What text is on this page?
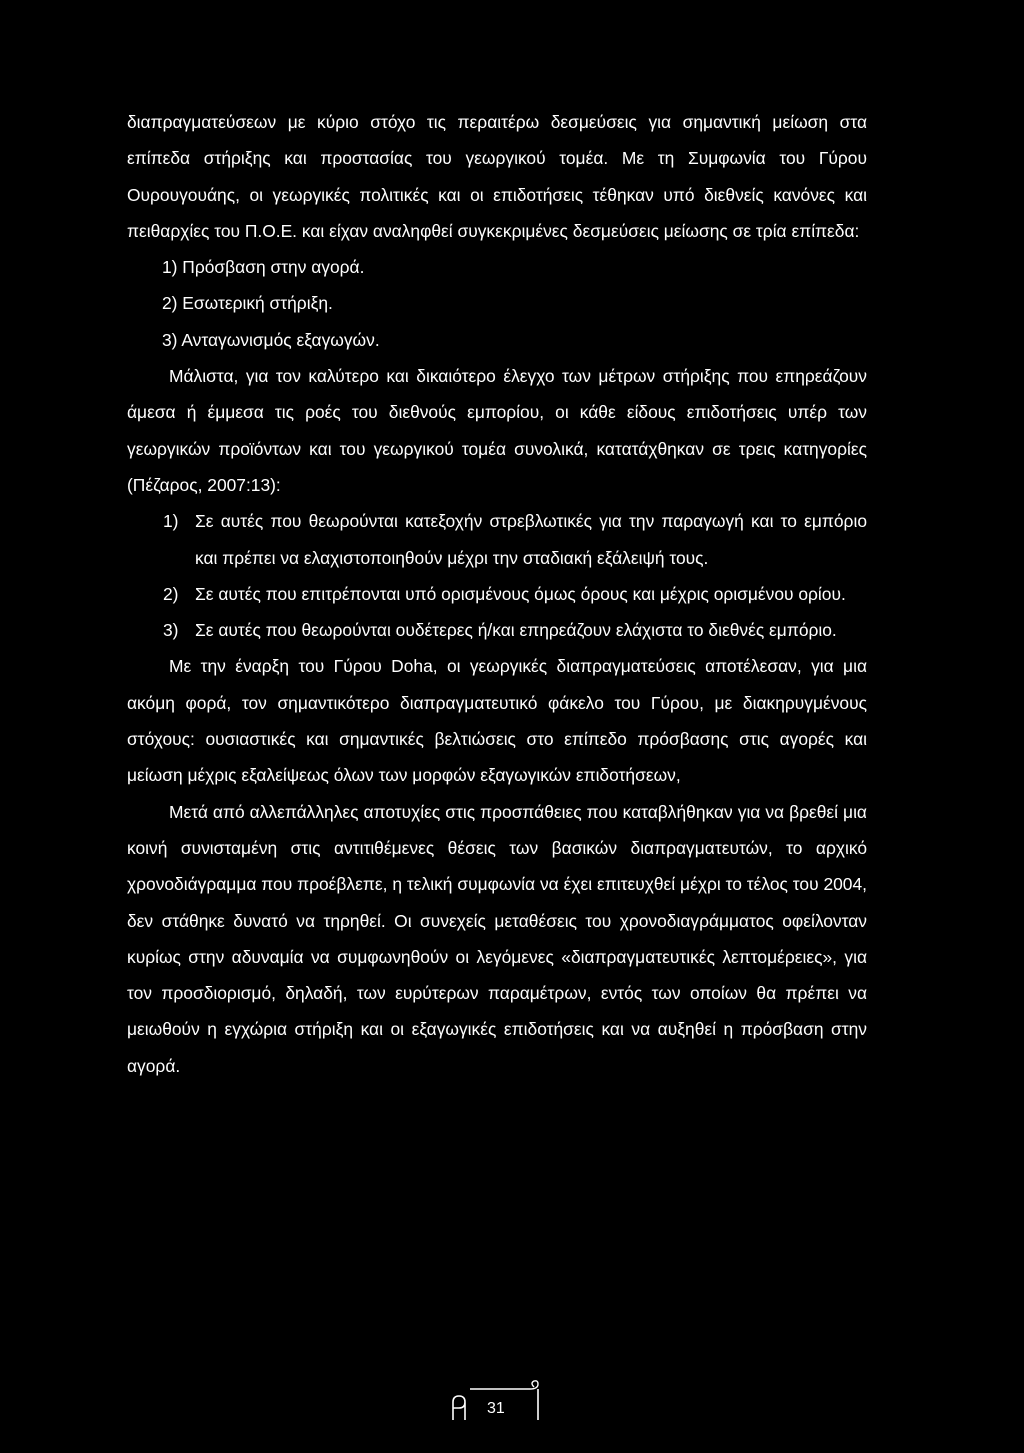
διαπραγματεύσεων με κύριο στόχο τις περαιτέρω δεσμεύσεις για σημαντική μείωση στα επίπεδα στήριξης και προστασίας του γεωργικού τομέα. Με τη Συμφωνία του Γύρου Ουρουγουάης, οι γεωργικές πολιτικές και οι επιδοτήσεις τέθηκαν υπό διεθνείς κανόνες και πειθαρχίες του Π.Ο.Ε. και είχαν αναληφθεί συγκεκριμένες δεσμεύσεις μείωσης σε τρία επίπεδα:

1) Πρόσβαση στην αγορά.

2) Εσωτερική στήριξη.

3) Ανταγωνισμός εξαγωγών.

Μάλιστα, για τον καλύτερο και δικαιότερο έλεγχο των μέτρων στήριξης που επηρεάζουν άμεσα ή έμμεσα τις ροές του διεθνούς εμπορίου, οι κάθε είδους επιδοτήσεις υπέρ των γεωργικών προϊόντων και του γεωργικού τομέα συνολικά, κατατάχθηκαν σε τρεις κατηγορίες (Πέζαρος, 2007:13):

1) Σε αυτές που θεωρούνται κατεξοχήν στρεβλωτικές για την παραγωγή και το εμπόριο και πρέπει να ελαχιστοποιηθούν μέχρι την σταδιακή εξάλειψή τους.

2) Σε αυτές που επιτρέπονται υπό ορισμένους όμως όρους και μέχρις ορισμένου ορίου.

3) Σε αυτές που θεωρούνται ουδέτερες ή/και επηρεάζουν ελάχιστα το διεθνές εμπόριο.

Με την έναρξη του Γύρου Doha, οι γεωργικές διαπραγματεύσεις αποτέλεσαν, για μια ακόμη φορά, τον σημαντικότερο διαπραγματευτικό φάκελο του Γύρου, με διακηρυγμένους στόχους: ουσιαστικές και σημαντικές βελτιώσεις στο επίπεδο πρόσβασης στις αγορές και μείωση μέχρις εξαλείψεως όλων των μορφών εξαγωγικών επιδοτήσεων,

Μετά από αλλεπάλληλες αποτυχίες στις προσπάθειες που καταβλήθηκαν για να βρεθεί μια κοινή συνισταμένη στις αντιτιθέμενες θέσεις των βασικών διαπραγματευτών, το αρχικό χρονοδιάγραμμα που προέβλεπε, η τελική συμφωνία να έχει επιτευχθεί μέχρι το τέλος του 2004, δεν στάθηκε δυνατό να τηρηθεί. Οι συνεχείς μεταθέσεις του χρονοδιαγράμματος οφείλονταν κυρίως στην αδυναμία να συμφωνηθούν οι λεγόμενες «διαπραγματευτικές λεπτομέρειες», για τον προσδιορισμό, δηλαδή, των ευρύτερων παραμέτρων, εντός των οποίων θα πρέπει να μειωθούν η εγχώρια στήριξη και οι εξαγωγικές επιδοτήσεις και να αυξηθεί η πρόσβαση στην αγορά.

31
